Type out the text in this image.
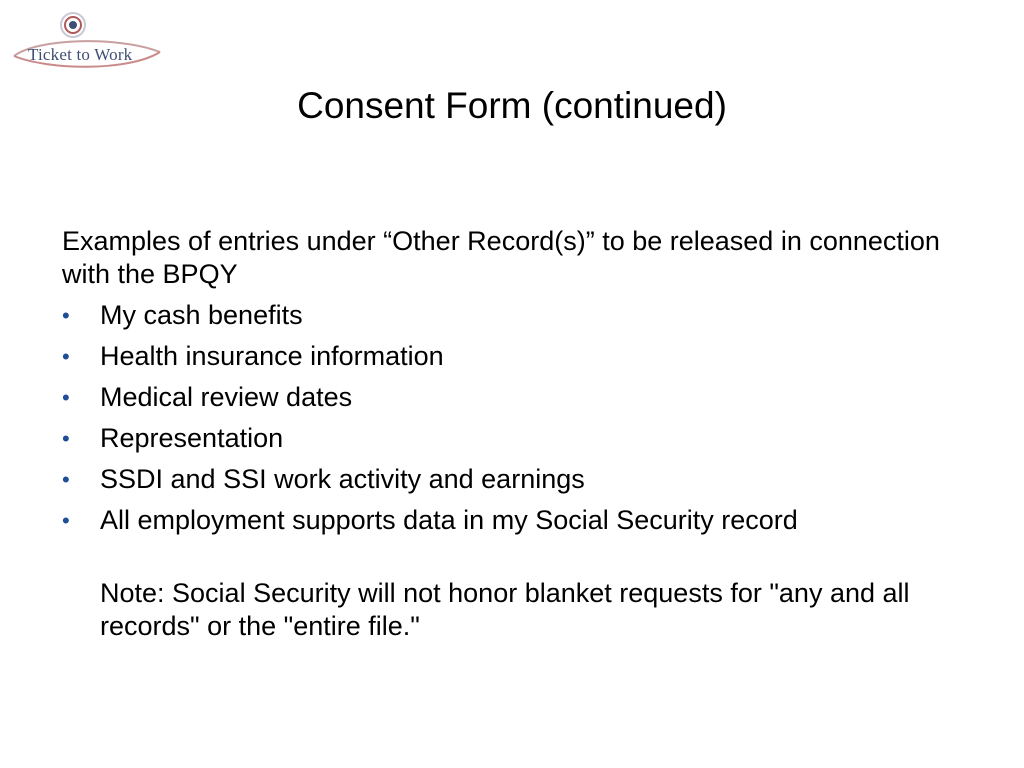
Ticket to Work
Consent Form (continued)

Examples of entries under “Other Record(s)” to be released in connection with the BPQY

•	My cash benefits
•	Health insurance information
•	Medical review dates
•	Representation
•	SSDI and SSI work activity and earnings
•	All employment supports data in my Social Security record

Note: Social Security will not honor blanket requests for "any and all records" or the "entire file."
